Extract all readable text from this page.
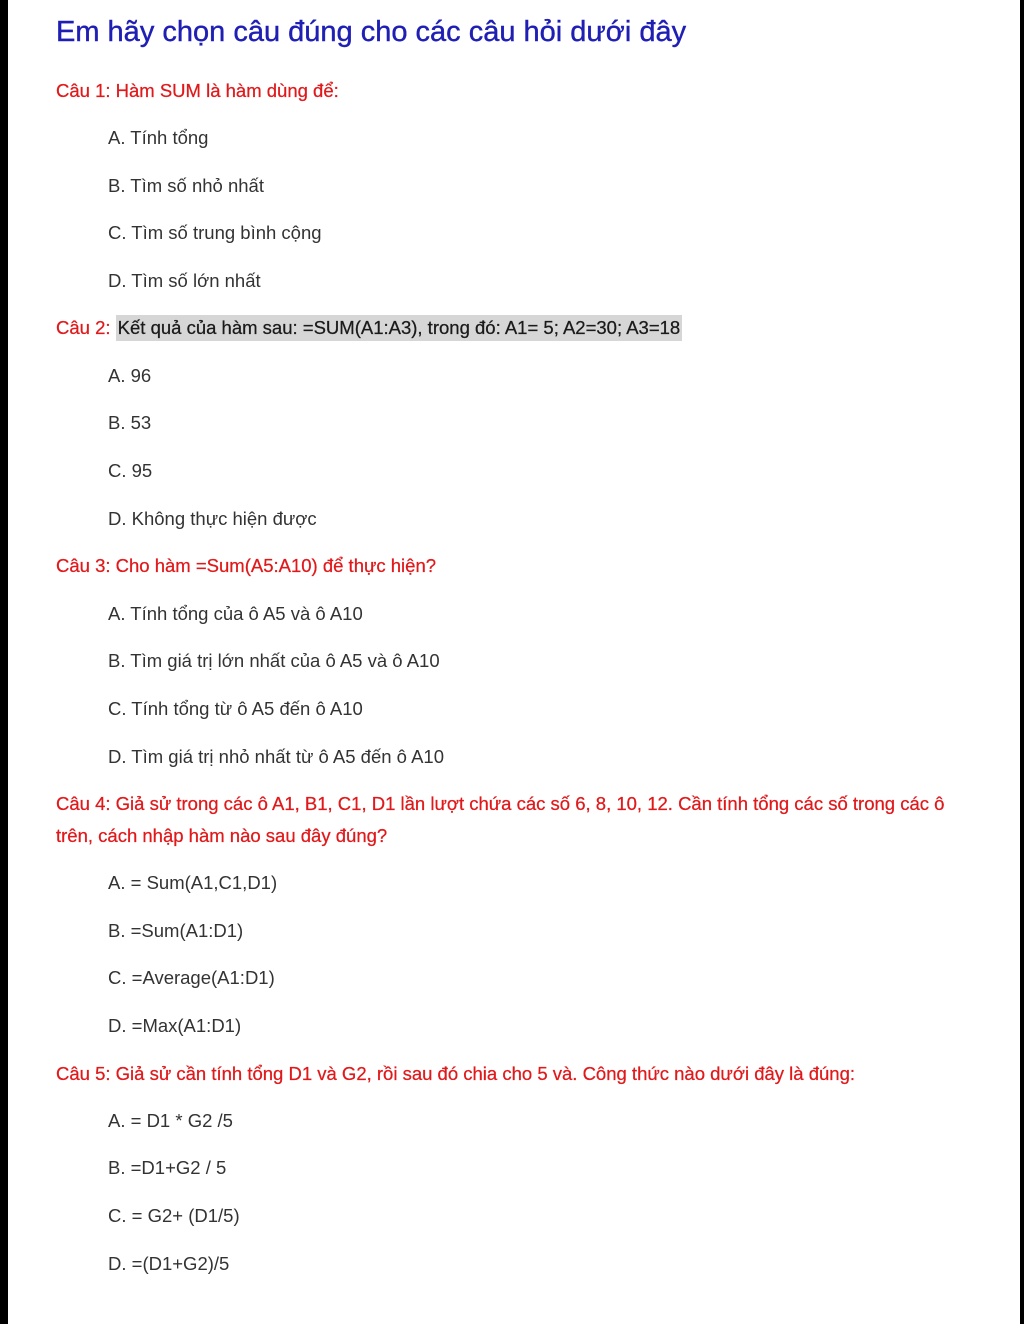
Em hãy chọn câu đúng cho các câu hỏi dưới đây
Câu 1: Hàm SUM là hàm dùng để:
A. Tính tổng
B. Tìm số nhỏ nhất
C. Tìm số trung bình cộng
D. Tìm số lớn nhất
Câu 2: Kết quả của hàm sau: =SUM(A1:A3), trong đó: A1= 5; A2=30; A3=18
A. 96
B. 53
C. 95
D. Không thực hiện được
Câu 3: Cho hàm =Sum(A5:A10) để thực hiện?
A. Tính tổng của ô A5 và ô A10
B. Tìm giá trị lớn nhất của ô A5 và ô A10
C. Tính tổng từ ô A5 đến ô A10
D. Tìm giá trị nhỏ nhất từ ô A5 đến ô A10
Câu 4: Giả sử trong các ô A1, B1, C1, D1 lần lượt chứa các số 6, 8, 10, 12. Cần tính tổng các số trong các ô trên, cách nhập hàm nào sau đây đúng?
A. = Sum(A1,C1,D1)
B. =Sum(A1:D1)
C. =Average(A1:D1)
D. =Max(A1:D1)
Câu 5: Giả sử cần tính tổng D1 và G2, rồi sau đó chia cho 5 và. Công thức nào dưới đây là đúng:
A. = D1 * G2 /5
B. =D1+G2 / 5
C. = G2+ (D1/5)
D. =(D1+G2)/5
